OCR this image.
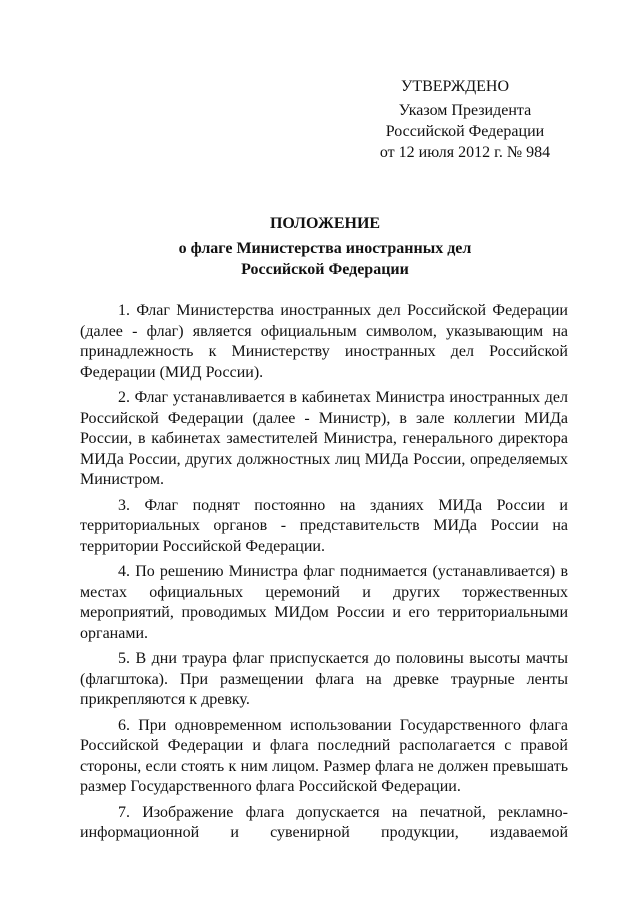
УТВЕРЖДЕНО
Указом Президента
Российской Федерации
от 12 июля 2012 г. № 984
ПОЛОЖЕНИЕ
о флаге Министерства иностранных дел
Российской Федерации

1. Флаг Министерства иностранных дел Российской Федерации (далее - флаг) является официальным символом, указывающим на принадлежность к Министерству иностранных дел Российской Федерации (МИД России).

2. Флаг устанавливается в кабинетах Министра иностранных дел Российской Федерации (далее - Министр), в зале коллегии МИДа России, в кабинетах заместителей Министра, генерального директора МИДа России, других должностных лиц МИДа России, определяемых Министром.

3. Флаг поднят постоянно на зданиях МИДа России и территориальных органов - представительств МИДа России на территории Российской Федерации.

4. По решению Министра флаг поднимается (устанавливается) в местах официальных церемоний и других торжественных мероприятий, проводимых МИДом России и его территориальными органами.

5. В дни траура флаг приспускается до половины высоты мачты (флагштока). При размещении флага на древке траурные ленты прикрепляются к древку.

6. При одновременном использовании Государственного флага Российской Федерации и флага последний располагается с правой стороны, если стоять к ним лицом. Размер флага не должен превышать размер Государственного флага Российской Федерации.

7. Изображение флага допускается на печатной, рекламно-информационной и сувенирной продукции, издаваемой
